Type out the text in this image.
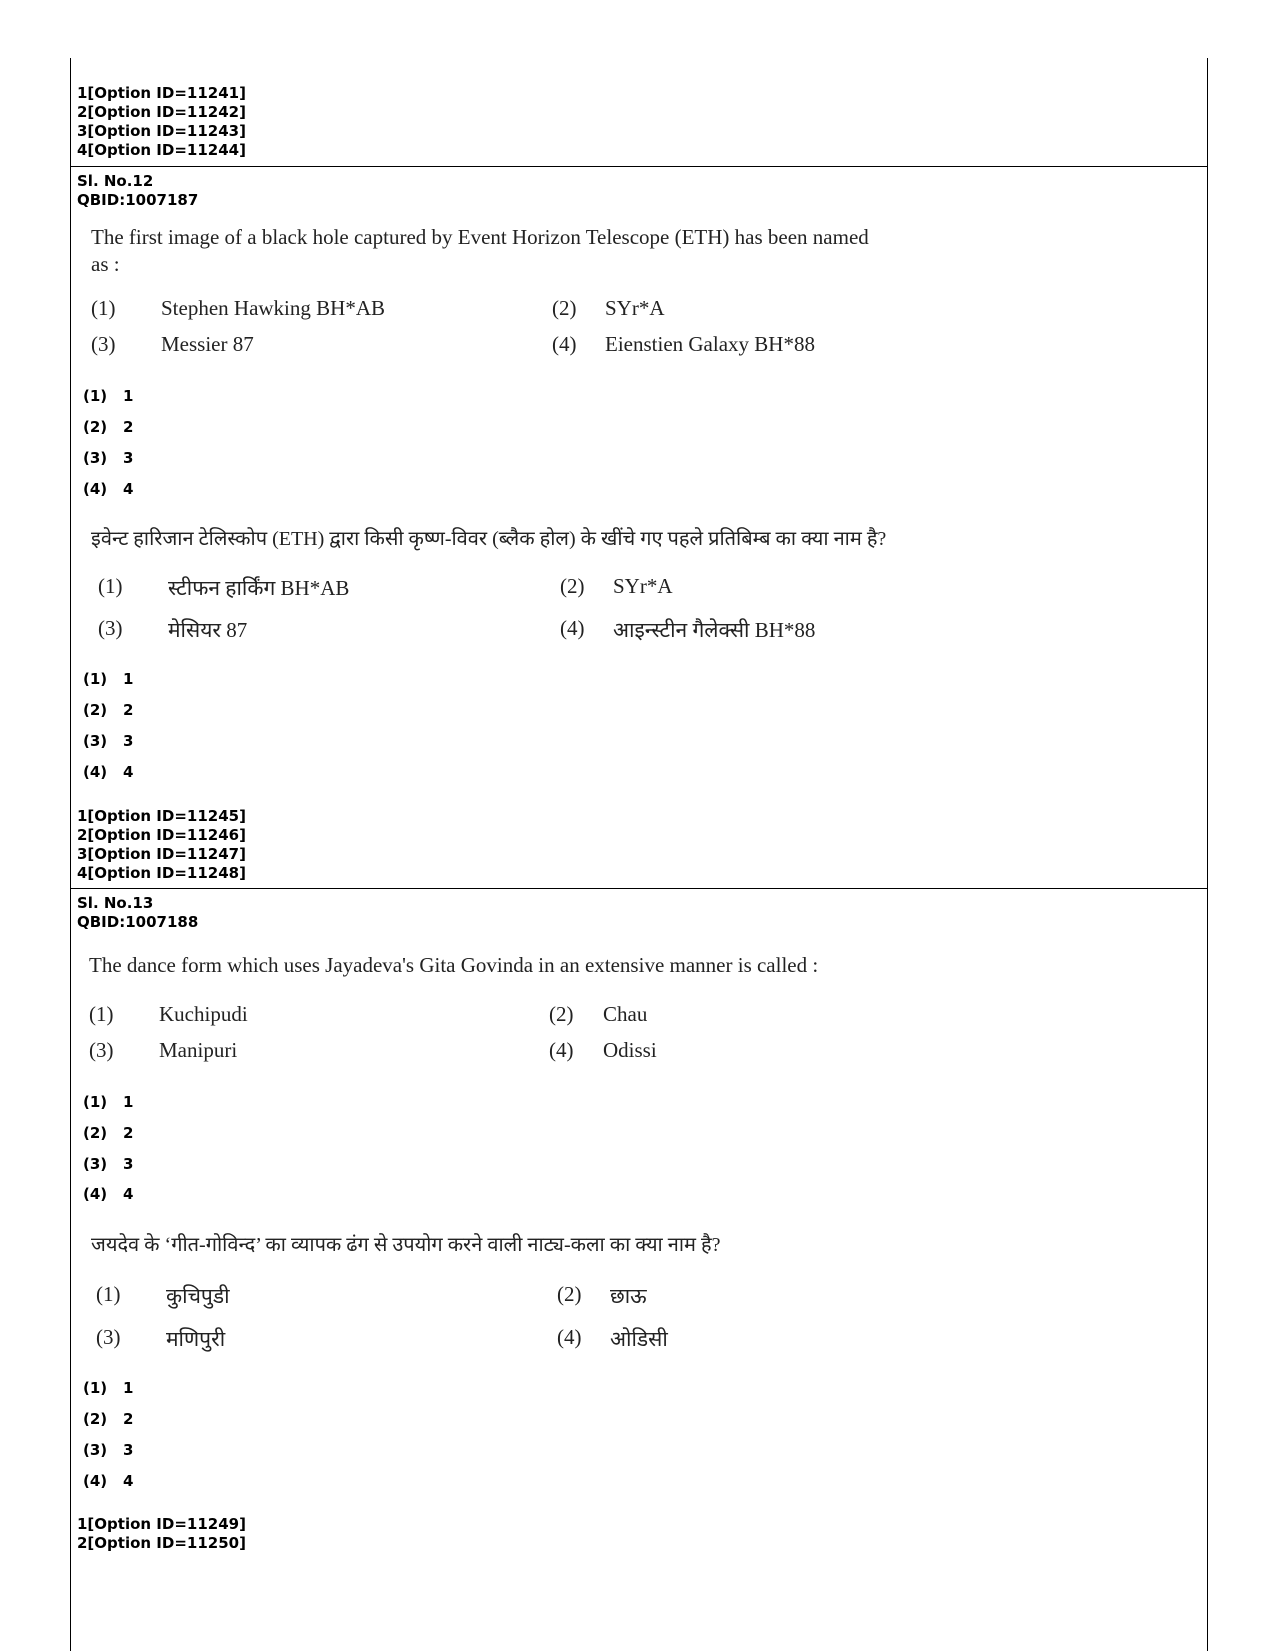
1[Option ID=11241]
2[Option ID=11242]
3[Option ID=11243]
4[Option ID=11244]
Sl. No.12
QBID:1007187
The first image of a black hole captured by Event Horizon Telescope (ETH) has been named
as :
(1) Stephen Hawking BH*AB	(2) SYr*A
(3) Messier 87	(4) Eienstien Galaxy BH*88
(1) 1
(2) 2
(3) 3
(4) 4
इवेन्ट हारिजान टेलिस्कोप (ETH) द्वारा किसी कृष्ण-विवर (ब्लैक होल) के खींचे गए पहले प्रतिबिम्ब का क्या नाम है?
(1) स्टीफन हार्किंग BH*AB	(2) SYr*A
(3) मेसियर 87	(4) आइन्स्टीन गैलेक्सी BH*88
(1) 1
(2) 2
(3) 3
(4) 4
1[Option ID=11245]
2[Option ID=11246]
3[Option ID=11247]
4[Option ID=11248]
Sl. No.13
QBID:1007188
The dance form which uses Jayadeva's Gita Govinda in an extensive manner is called :
(1) Kuchipudi	(2) Chau
(3) Manipuri	(4) Odissi
(1) 1
(2) 2
(3) 3
(4) 4
जयदेव के ‘गीत-गोविन्द’ का व्यापक ढंग से उपयोग करने वाली नाट्य-कला का क्या नाम है?
(1) कुचिपुडी	(2) छाऊ
(3) मणिपुरी	(4) ओडिसी
(1) 1
(2) 2
(3) 3
(4) 4
1[Option ID=11249]
2[Option ID=11250]
